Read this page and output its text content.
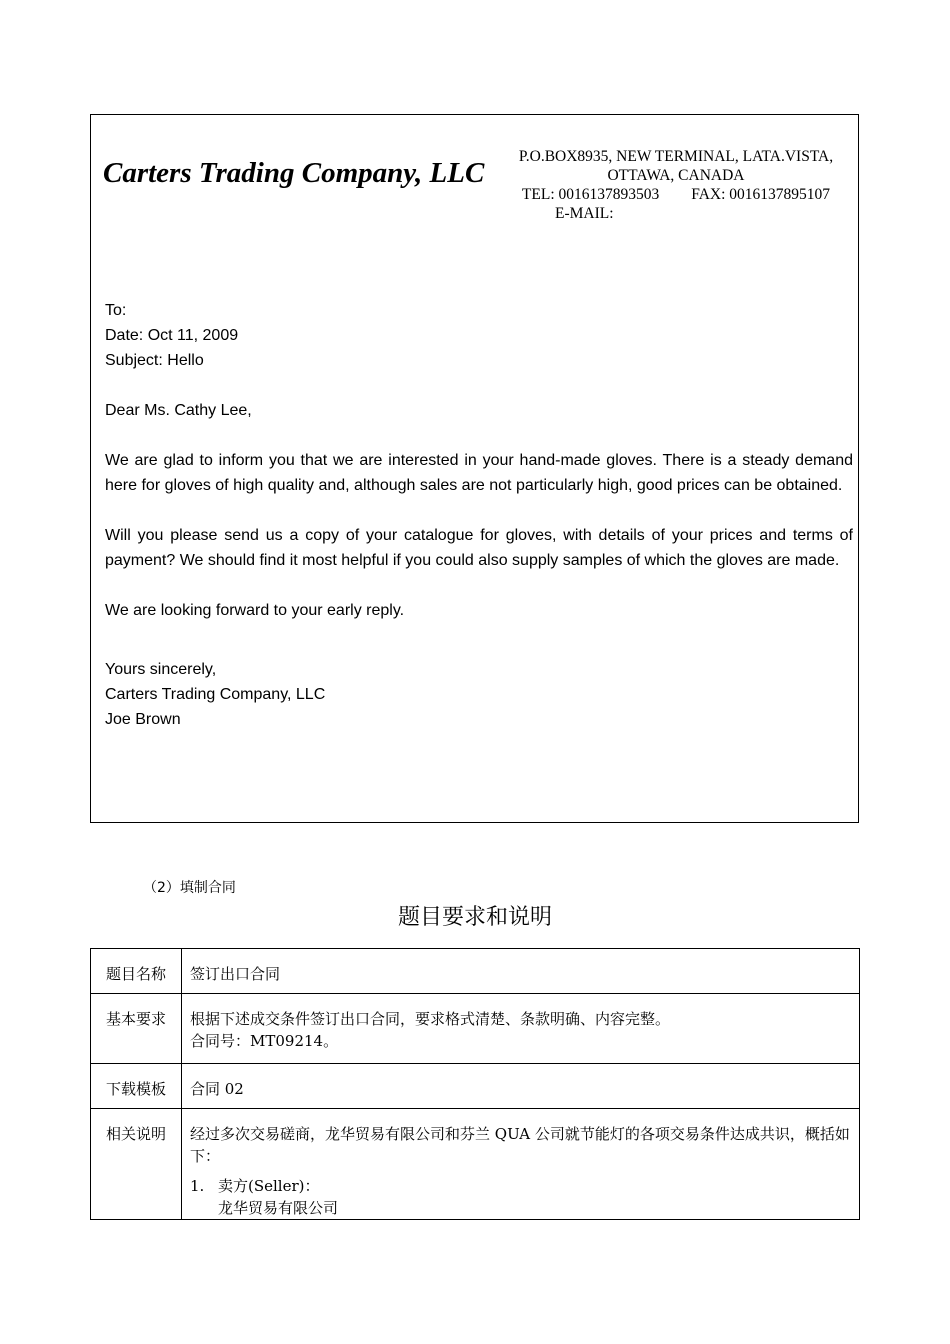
Carters Trading Company, LLC
P.O.BOX8935, NEW TERMINAL, LATA.VISTA,
OTTAWA, CANADA
TEL: 0016137893503 FAX: 0016137895107
E-MAIL:

To:

Date: Oct 11, 2009

Subject: Hello

Dear Ms. Cathy Lee,

We are glad to inform you that we are interested in your hand-made gloves. There is a steady demand here for gloves of high quality and, although sales are not particularly high, good prices can be obtained.

Will you please send us a copy of your catalogue for gloves, with details of your prices and terms of payment? We should find it most helpful if you could also supply samples of which the gloves are made.

We are looking forward to your early reply.

Yours sincerely,

Carters Trading Company, LLC

Joe Brown

（2）填制合同
题目要求和说明
题目名称	签订出口合同
基本要求	根据下述成交条件签订出口合同，要求格式清楚、条款明确、内容完整。
合同号：MT09214。

下载模板	合同 02
相关说明	经过多次交易磋商，龙华贸易有限公司和芬兰 QUA 公司就节能灯的各项交易条件达成共识，概括如下：
1. 卖方(Seller)：
龙华贸易有限公司
